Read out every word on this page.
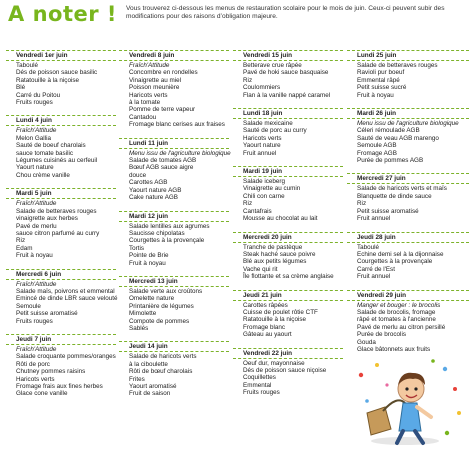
A noter ! Vous trouverez ci-dessous les menus de restauration scolaire pour le mois de juin. Ceux-ci peuvent subir des modifications pour des raisons d’obligation majeure.
Vendredi 1er juin
Taboulé
Dés de poisson sauce basilic
Ratatouille à la niçoise
Blé
Carré du Poitou
Fruits rouges
Lundi 4 juin
Fraîch'Attitude
Melon Gallia
Sauté de boeuf charolais
sauce tomate basilic
Légumes cuisinés au cerfeuil
Yaourt nature
Chou crème vanille
Mardi 5 juin
Fraîch'Attitude
Salade de betteraves rouges
vinaigrette aux herbes
Pavé de merlu
sauce citron parfumé au curry
Riz
Edam
Fruit à noyau
Mercredi 6 juin
Fraîch'Attitude
Salade maïs, poivrons et emmental
Emincé de dinde LBR sauce velouté
Semoule
Petit suisse aromatisé
Fruits rouges
Jeudi 7 juin
Fraîch'Attitude
Salade croquante pommes/oranges
Rôti de porc
Chutney pommes raisins
Haricots verts
Fromage frais aux fines herbes
Glace cone vanille
Vendredi 8 juin
Fraîch'Attitude
Concombre en rondelles
Vinaigrette au miel
Poisson meunière
Haricots verts
à la tomate
Pomme de terre vapeur
Cantadou
Fromage blanc cerises aux fraises
Lundi 11 juin
Menu issu de l'agriculture biologique
Salade de tomates AGB
Bœuf AGB sauce aigre
douce
Carottes AGB
Yaourt nature AGB
Cake nature AGB
Mardi 12 juin
Salade lentilles aux agrumes
Saucisse chipolatas
Courgettes à la provençale
Tortis
Pointe de Brie
Fruit à noyau
Mercredi 13 juin
Salade verte aux croûtons
Omelette nature
Printanière de légumes
Mimolette
Compote de pommes
Sablés
Jeudi 14 juin
Salade de haricots verts
à la ciboulette
Rôti de bœuf charolais
Frites
Yaourt aromatisé
Fruit de saison
Vendredi 15 juin
Betterave crue râpée
Pavé de hoki sauce basquaise
Riz
Coulommiers
Flan à la vanille nappé caramel
Lundi 18 juin
Salade mexicaine
Sauté de porc au curry
Haricots verts
Yaourt nature
Fruit annuel
Mardi 19 juin
Salade iceberg
Vinaigrette au cumin
Chili con carne
Riz
Cantafrais
Mousse au chocolat au lait
Mercredi 20 juin
Tranche de pastèque
Steak haché sauce poivre
Blé aux petits légumes
Vache qui rit
Île flottante et sa crème anglaise
Jeudi 21 juin
Carottes râpées
Cuisse de poulet rôtie CTF
Ratatouille à la niçoise
Fromage blanc
Gâteau au yaourt
Vendredi 22 juin
Oeuf dur, mayonnaise
Dés de poisson sauce niçoise
Coquillettes
Emmental
Fruits rouges
Lundi 25 juin
Salade de betteraves rouges
Ravioli pur boeuf
Emmental râpé
Petit suisse sucré
Fruit à noyau
Mardi 26 juin
Menu issu de l'agriculture biologique
Céleri rémoulade AGB
Sauté de veau AGB marengo
Semoule AGB
Fromage AGB
Purée de pommes AGB
Mercredi 27 juin
Salade de haricots verts et maïs
Blanquette de dinde sauce
Riz
Petit suisse aromatisé
Fruit annuel
Jeudi 28 juin
Taboulé
Echine demi sel à la dijonnaise
Courgettes à la provençale
Carré de l'Est
Fruit annuel
Vendredi 29 juin
Manger et bouger : le brocolis
Salade de brocolis, fromage
râpé et tomates à l'ancienne
Pavé de merlu au citron persillé
Purée de brocolis
Gouda
Glace bâtonnets aux fruits
